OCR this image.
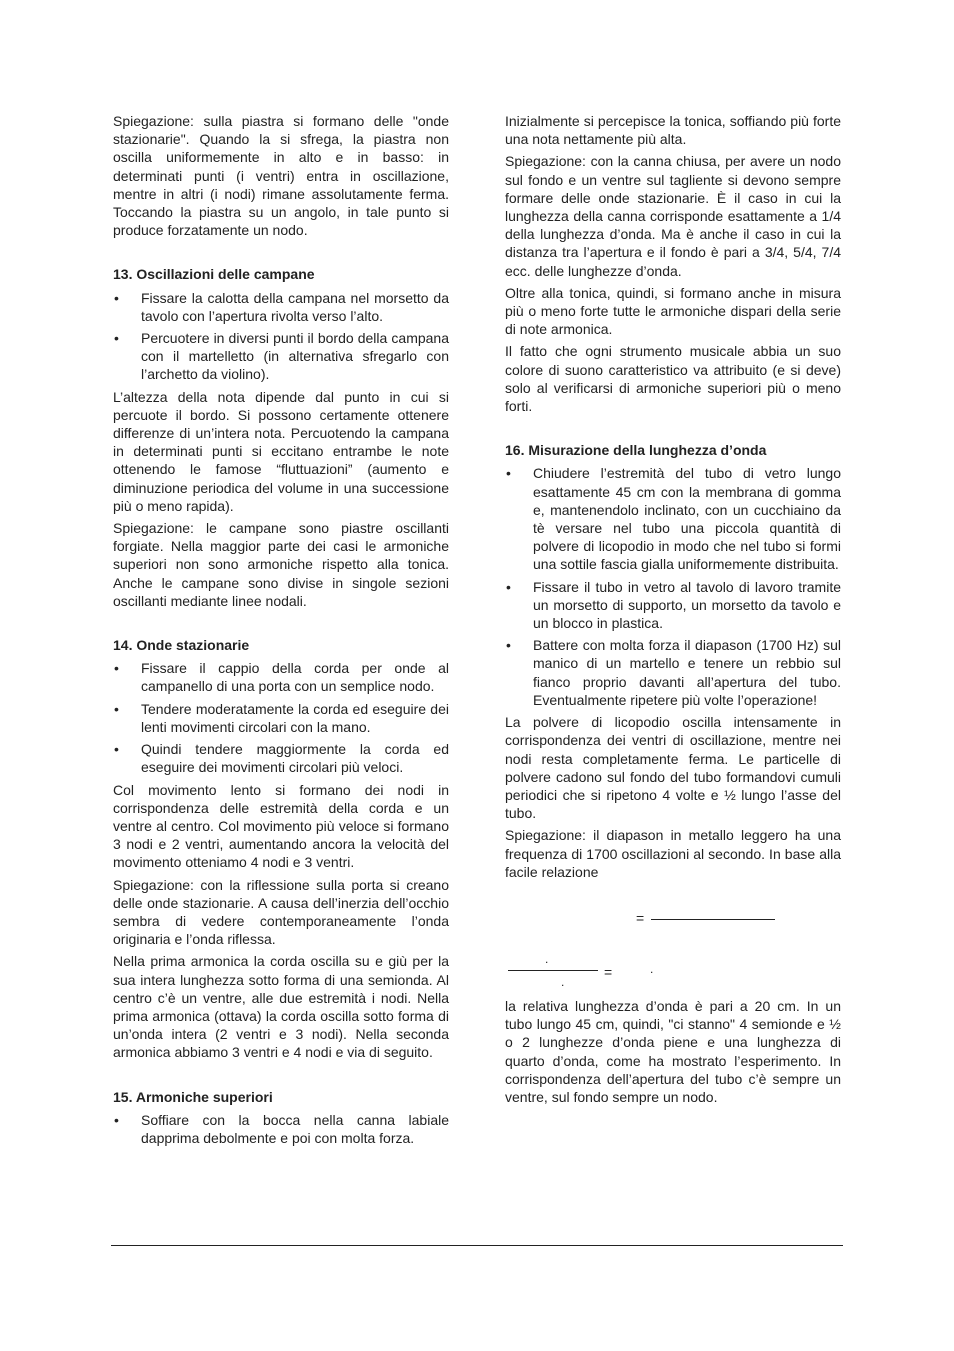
Spiegazione: sulla piastra si formano delle "onde stazionarie". Quando la si sfrega, la piastra non oscilla uniformemente in alto e in basso: in determinati punti (i ventri) entra in oscillazione, mentre in altri (i nodi) rimane assolutamente ferma. Toccando la piastra su un angolo, in tale punto si produce forzatamente un nodo.

13. Oscillazioni delle campane
• Fissare la calotta della campana nel morsetto da tavolo con l’apertura rivolta verso l’alto.
• Percuotere in diversi punti il bordo della campana con il martelletto (in alternativa sfregarlo con l’archetto da violino).

L’altezza della nota dipende dal punto in cui si percuote il bordo. Si possono certamente ottenere differenze di un’intera nota. Percuotendo la campana in determinati punti si eccitano entrambe le note ottenendo le famose “fluttuazioni” (aumento e diminuzione periodica del volume in una successione più o meno rapida).

Spiegazione: le campane sono piastre oscillanti forgiate. Nella maggior parte dei casi le armoniche superiori non sono armoniche rispetto alla tonica. Anche le campane sono divise in singole sezioni oscillanti mediante linee nodali.

14. Onde stazionarie
• Fissare il cappio della corda per onde al campanello di una porta con un semplice nodo.
• Tendere moderatamente la corda ed eseguire dei lenti movimenti circolari con la mano.
• Quindi tendere maggiormente la corda ed eseguire dei movimenti circolari più veloci.

Col movimento lento si formano dei nodi in corrispondenza delle estremità della corda e un ventre al centro. Col movimento più veloce si formano 3 nodi e 2 ventri, aumentando ancora la velocità del movimento otteniamo 4 nodi e 3 ventri.

Spiegazione: con la riflessione sulla porta si creano delle onde stazionarie. A causa dell’inerzia dell’occhio sembra di vedere contemporaneamente l’onda originaria e l’onda riflessa.

Nella prima armonica la corda oscilla su e giù per la sua intera lunghezza sotto forma di una semionda. Al centro c’è un ventre, alle due estremità i nodi. Nella prima armonica (ottava) la corda oscilla sotto forma di un’onda intera (2 ventri e 3 nodi). Nella seconda armonica abbiamo 3 ventri e 4 nodi e via di seguito.

15. Armoniche superiori
• Soffiare con la bocca nella canna labiale dapprima debolmente e poi con molta forza.

Inizialmente si percepisce la tonica, soffiando più forte una nota nettamente più alta.

Spiegazione: con la canna chiusa, per avere un nodo sul fondo e un ventre sul tagliente si devono sempre formare delle onde stazionarie. È il caso in cui la lunghezza della canna corrisponde esattamente a 1/4 della lunghezza d’onda. Ma è anche il caso in cui la distanza tra l’apertura e il fondo è pari a 3/4, 5/4, 7/4 ecc. delle lunghezze d’onda.

Oltre alla tonica, quindi, si formano anche in misura più o meno forte tutte le armoniche dispari della serie di note armonica.

Il fatto che ogni strumento musicale abbia un suo colore di suono caratteristico va attribuito (e si deve) solo al verificarsi di armoniche superiori più o meno forti.

16. Misurazione della lunghezza d’onda
• Chiudere l’estremità del tubo di vetro lungo esattamente 45 cm con la membrana di gomma e, mantenendolo inclinato, con un cucchiaino da tè versare nel tubo una piccola quantità di polvere di licopodio in modo che nel tubo si formi una sottile fascia gialla uniformemente distribuita.
• Fissare il tubo in vetro al tavolo di lavoro tramite un morsetto di supporto, un morsetto da tavolo e un blocco in plastica.
• Battere con molta forza il diapason (1700 Hz) sul manico di un martello e tenere un rebbio sul fianco proprio davanti all’apertura del tubo. Eventualmente ripetere più volte l’operazione!

La polvere di licopodio oscilla intensamente in corrispondenza dei ventri di oscillazione, mentre nei nodi resta completamente ferma. Le particelle di polvere cadono sul fondo del tubo formandovi cumuli periodici che si ripetono 4 volte e ½ lungo l’asse del tubo.

Spiegazione: il diapason in metallo leggero ha una frequenza di 1700 oscillazioni al secondo. In base alla facile relazione

=
.
=	.
.

la relativa lunghezza d’onda è pari a 20 cm. In un tubo lungo 45 cm, quindi, "ci stanno" 4 semionde e ½ o 2 lunghezze d’onda piene e una lunghezza di quarto d’onda, come ha mostrato l’esperimento. In corrispondenza dell’apertura del tubo c’è sempre un ventre, sul fondo sempre un nodo.
